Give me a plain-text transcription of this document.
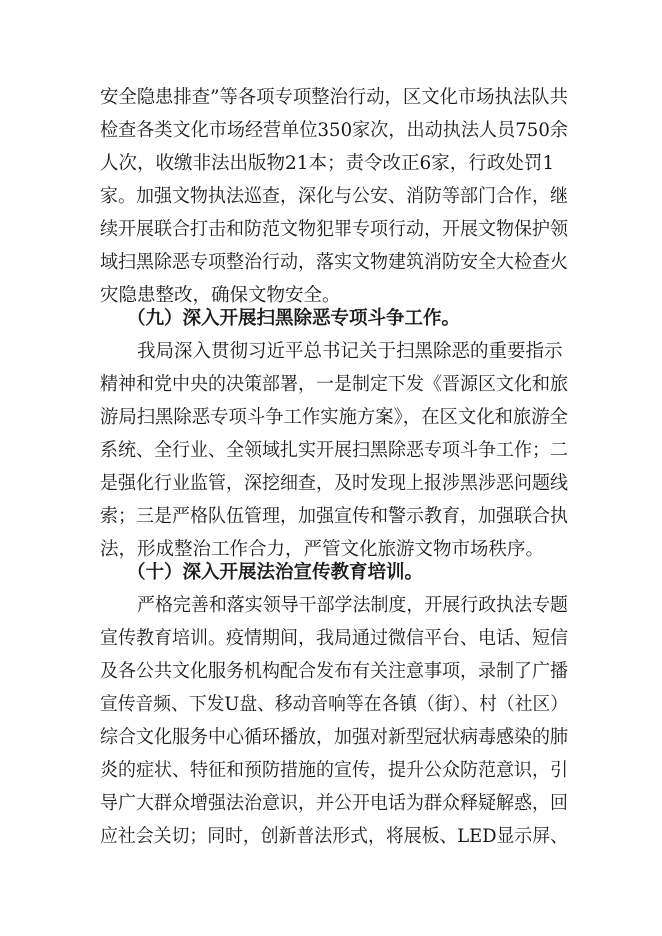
安全隐患排查”等各项专项整治行动，区文化市场执法队共
检查各类文化市场经营单位350家次，出动执法人员750余
人次，收缴非法出版物21本；责令改正6家，行政处罚1
家。加强文物执法巡查，深化与公安、消防等部门合作，继
续开展联合打击和防范文物犯罪专项行动，开展文物保护领
域扫黑除恶专项整治行动，落实文物建筑消防安全大检查火
灾隐患整改，确保文物安全。
（九）深入开展扫黑除恶专项斗争工作。
我局深入贯彻习近平总书记关于扫黑除恶的重要指示
精神和党中央的决策部署，一是制定下发《晋源区文化和旅
游局扫黑除恶专项斗争工作实施方案》，在区文化和旅游全
系统、全行业、全领域扎实开展扫黑除恶专项斗争工作；二
是强化行业监管，深挖细查，及时发现上报涉黑涉恶问题线
索；三是严格队伍管理，加强宣传和警示教育，加强联合执
法，形成整治工作合力，严管文化旅游文物市场秩序。
（十）深入开展法治宣传教育培训。
严格完善和落实领导干部学法制度，开展行政执法专题
宣传教育培训。疫情期间，我局通过微信平台、电话、短信
及各公共文化服务机构配合发布有关注意事项，录制了广播
宣传音频、下发U盘、移动音响等在各镇（街）、村（社区）
综合文化服务中心循环播放，加强对新型冠状病毒感染的肺
炎的症状、特征和预防措施的宣传，提升公众防范意识，引
导广大群众增强法治意识，并公开电话为群众释疑解惑，回
应社会关切；同时，创新普法形式，将展板、LED显示屏、
